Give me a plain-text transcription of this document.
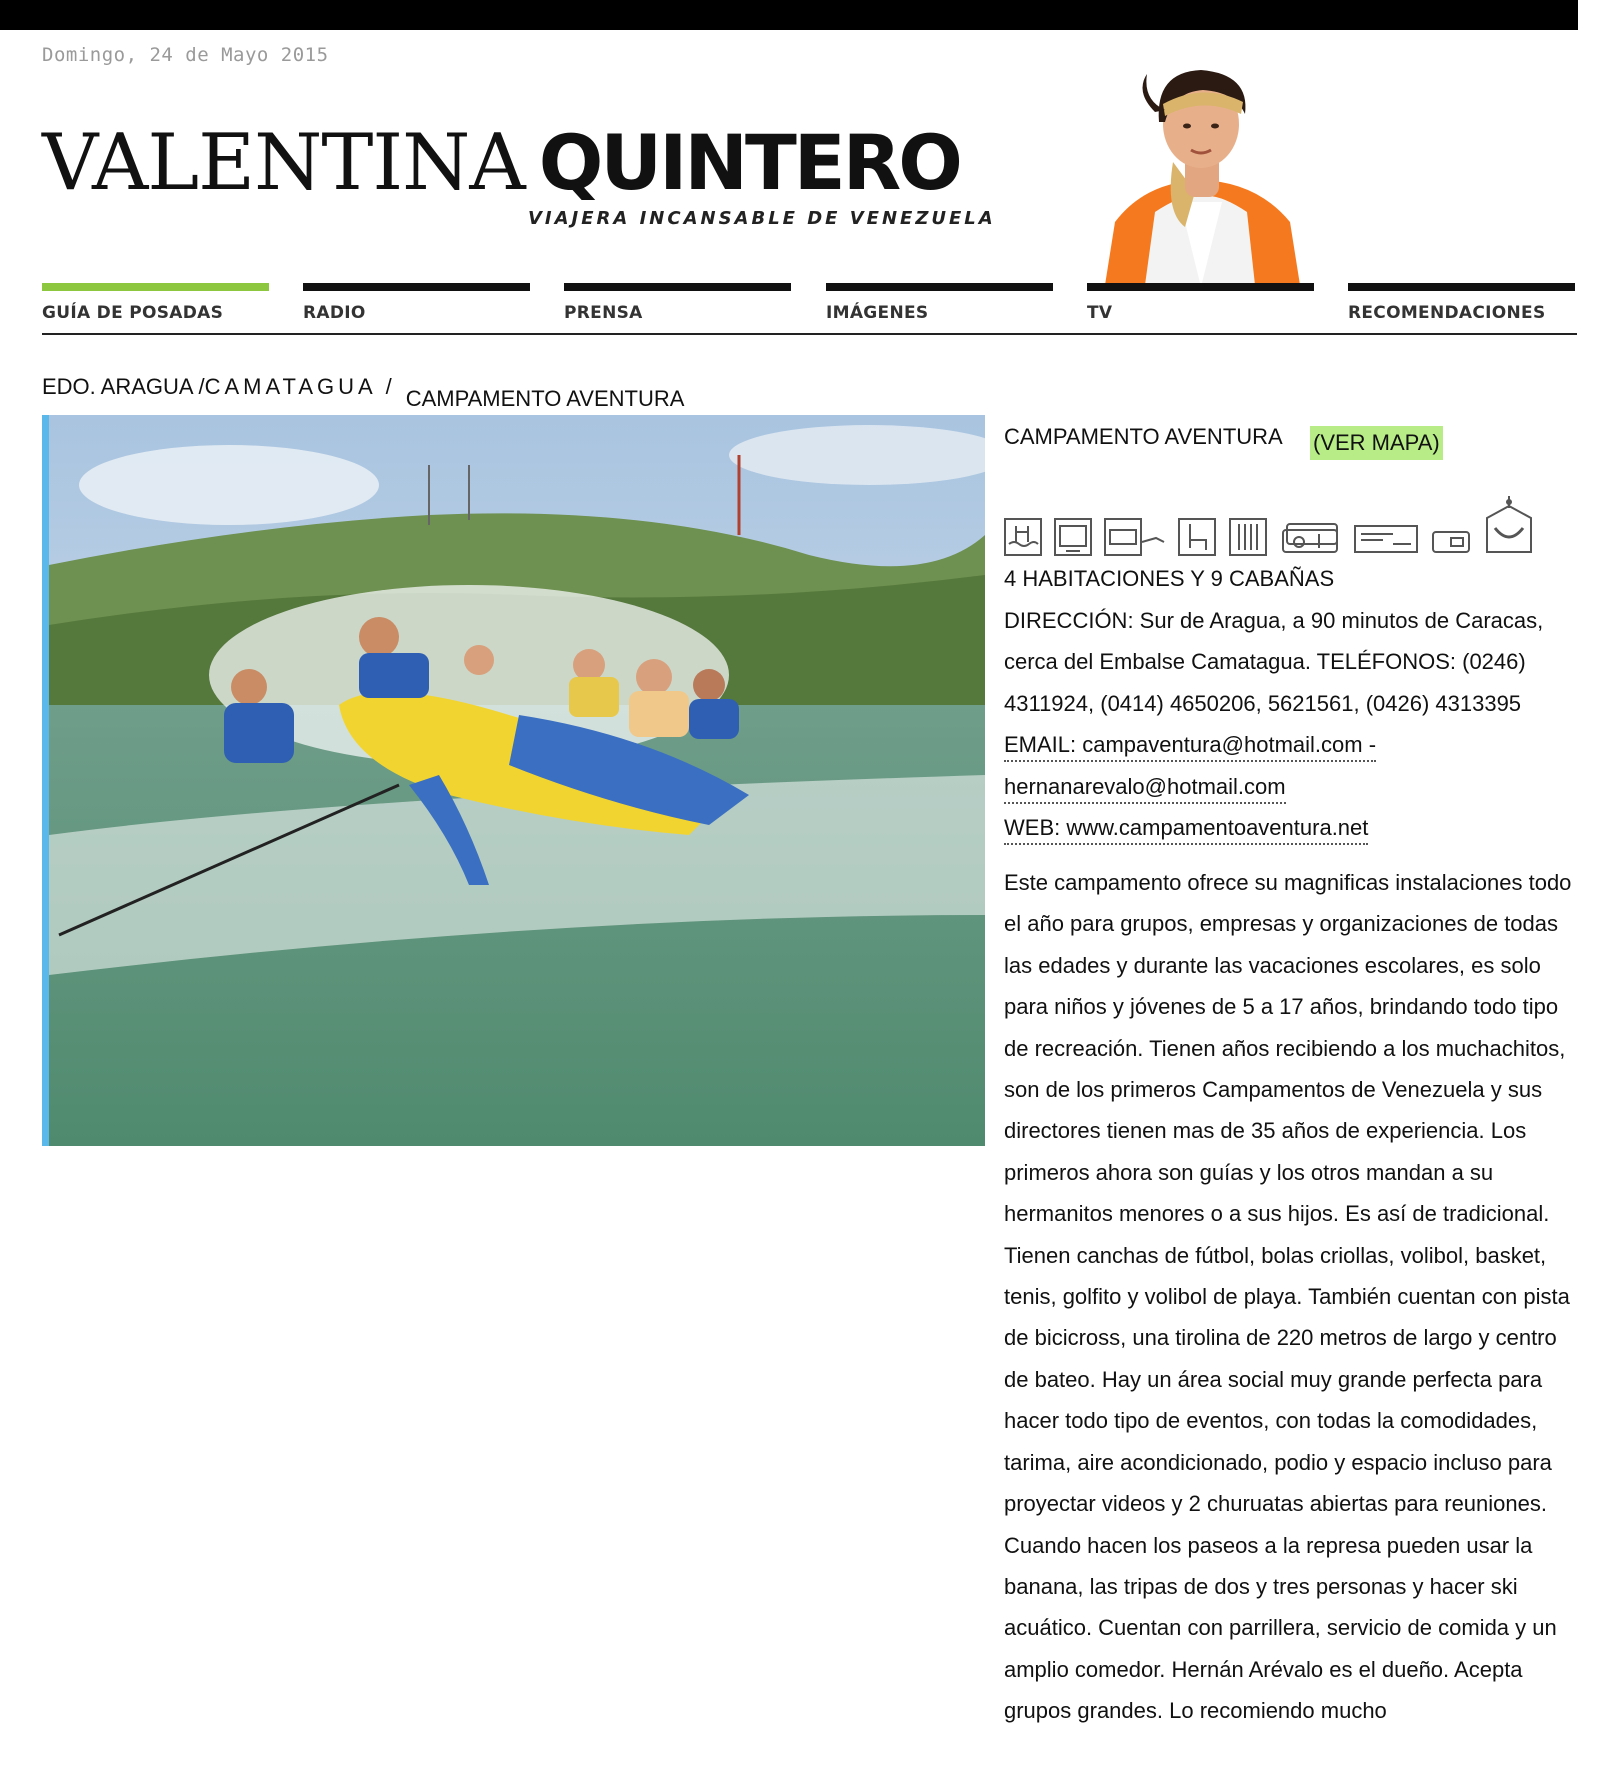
Domingo, 24 de Mayo 2015
VALENTINA QUINTERO
VIAJERA INCANSABLE DE VENEZUELA
GUÍA DE POSADAS	RADIO	PRENSA	IMÁGENES	TV	RECOMENDACIONES
EDO. ARAGUA /CAMATAGUA / CAMPAMENTO AVENTURA
CAMPAMENTO AVENTURA (VER MAPA)

4 HABITACIONES Y 9 CABAÑAS

DIRECCIÓN: Sur de Aragua, a 90 minutos de Caracas, cerca del Embalse Camatagua. TELÉFONOS: (0246) 4311924, (0414) 4650206, 5621561, (0426) 4313395

EMAIL: campaventura@hotmail.com -

hernanarevalo@hotmail.com

WEB: www.campamentoaventura.net

Este campamento ofrece su magnificas instalaciones todo el año para grupos, empresas y organizaciones de todas las edades y durante las vacaciones escolares, es solo para niños y jóvenes de 5 a 17 años, brindando todo tipo de recreación. Tienen años recibiendo a los muchachitos, son de los primeros Campamentos de Venezuela y sus directores tienen mas de 35 años de experiencia. Los primeros ahora son guías y los otros mandan a su hermanitos menores o a sus hijos. Es así de tradicional. Tienen canchas de fútbol, bolas criollas, volibol, basket, tenis, golfito y volibol de playa. También cuentan con pista de bicicross, una tirolina de 220 metros de largo y centro de bateo. Hay un área social muy grande perfecta para hacer todo tipo de eventos, con todas la comodidades, tarima, aire acondicionado, podio y espacio incluso para proyectar videos y 2 churuatas abiertas para reuniones. Cuando hacen los paseos a la represa pueden usar la banana, las tripas de dos y tres personas y hacer ski acuático. Cuentan con parrillera, servicio de comida y un amplio comedor. Hernán Arévalo es el dueño. Acepta grupos grandes. Lo recomiendo mucho
